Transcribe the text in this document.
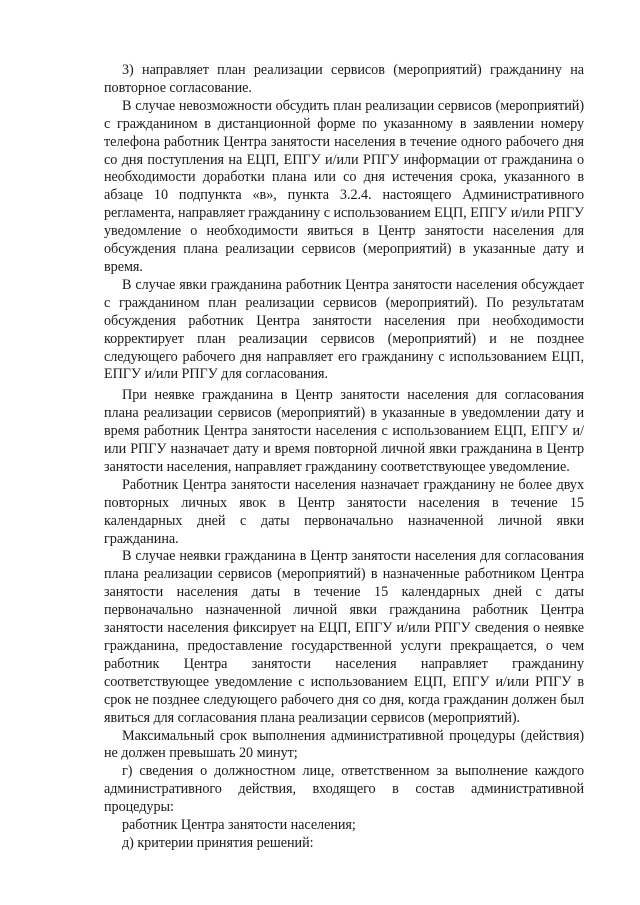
3) направляет план реализации сервисов (мероприятий) гражданину на повторное согласование.

В случае невозможности обсудить план реализации сервисов (мероприятий) с гражданином в дистанционной форме по указанному в заявлении номеру телефона работник Центра занятости населения в течение одного рабочего дня со дня поступления на ЕЦП, ЕПГУ и/или РПГУ информации от гражданина о необходимости доработки плана или со дня истечения срока, указанного в абзаце 10 подпункта «в», пункта 3.2.4. настоящего Административного регламента, направляет гражданину с использованием ЕЦП, ЕПГУ и/или РПГУ уведомление о необходимости явиться в Центр занятости населения для обсуждения плана реализации сервисов (мероприятий) в указанные дату и время.

В случае явки гражданина работник Центра занятости населения обсуждает с гражданином план реализации сервисов (мероприятий). По результатам обсуждения работник Центра занятости населения при необходимости корректирует план реализации сервисов (мероприятий) и не позднее следующего рабочего дня направляет его гражданину с использованием ЕЦП, ЕПГУ и/или РПГУ для согласования.

При неявке гражданина в Центр занятости населения для согласования плана реализации сервисов (мероприятий) в указанные в уведомлении дату и время работник Центра занятости населения с использованием ЕЦП, ЕПГУ и/или РПГУ назначает дату и время повторной личной явки гражданина в Центр занятости населения, направляет гражданину соответствующее уведомление.

Работник Центра занятости населения назначает гражданину не более двух повторных личных явок в Центр занятости населения в течение 15 календарных дней с даты первоначально назначенной личной явки гражданина.

В случае неявки гражданина в Центр занятости населения для согласования плана реализации сервисов (мероприятий) в назначенные работником Центра занятости населения даты в течение 15 календарных дней с даты первоначально назначенной личной явки гражданина работник Центра занятости населения фиксирует на ЕЦП, ЕПГУ и/или РПГУ сведения о неявке гражданина, предоставление государственной услуги прекращается, о чем работник Центра занятости населения направляет гражданину соответствующее уведомление с использованием ЕЦП, ЕПГУ и/или РПГУ в срок не позднее следующего рабочего дня со дня, когда гражданин должен был явиться для согласования плана реализации сервисов (мероприятий).

Максимальный срок выполнения административной процедуры (действия) не должен превышать 20 минут;

г) сведения о должностном лице, ответственном за выполнение каждого административного действия, входящего в состав административной процедуры:

работник Центра занятости населения;

д) критерии принятия решений:
